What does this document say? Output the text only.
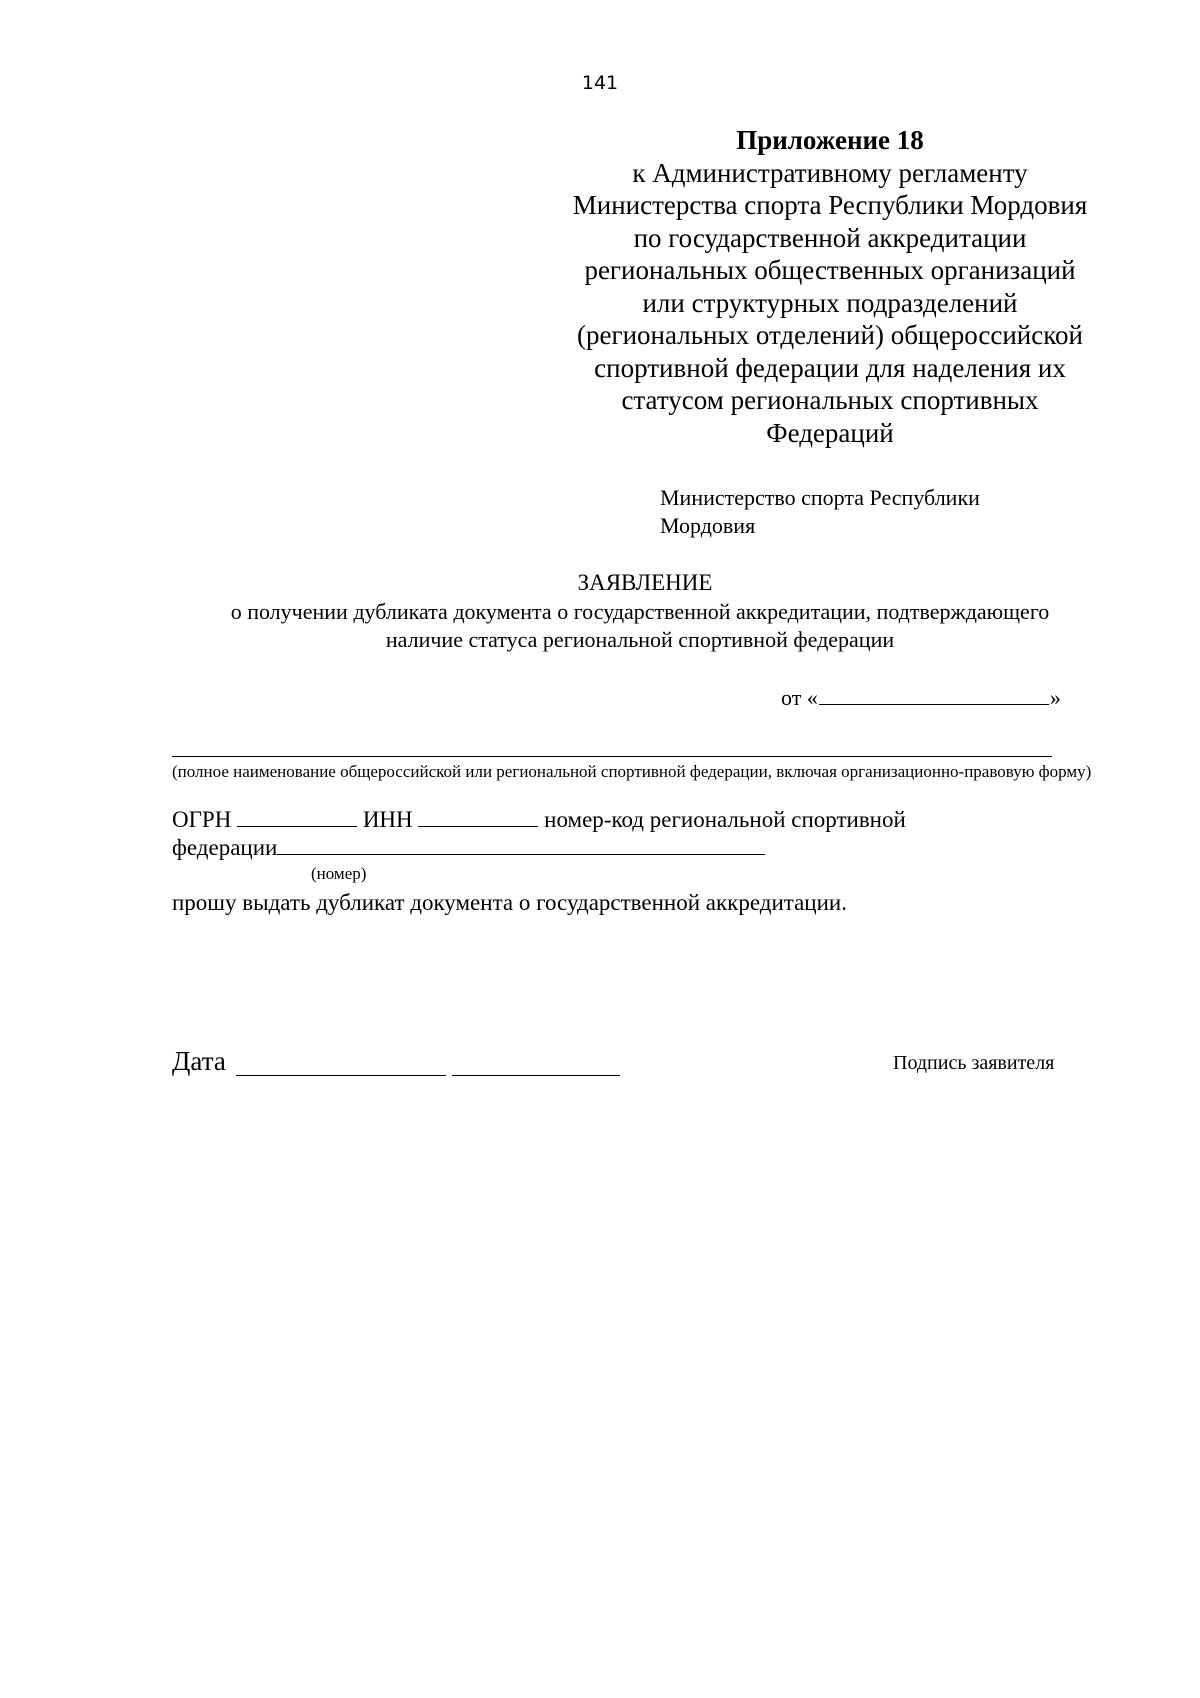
141
Приложение 18
к Административному регламенту
Министерства спорта Республики Мордовия
по государственной аккредитации
региональных общественных организаций
или структурных подразделений
(региональных отделений) общероссийской
спортивной федерации для наделения их
статусом региональных спортивных
Федераций
Министерство спорта Республики
Мордовия
ЗАЯВЛЕНИЕ
о получении дубликата документа о государственной аккредитации, подтверждающего
наличие статуса региональной спортивной федерации
от «	»
(полное наименование общероссийской или региональной спортивной федерации, включая организационно-правовую форму)
ОГРН	ИНН	номер-код региональной спортивной
федерации
(номер)
прошу выдать дубликат документа о государственной аккредитации.
Дата	Подпись заявителя
